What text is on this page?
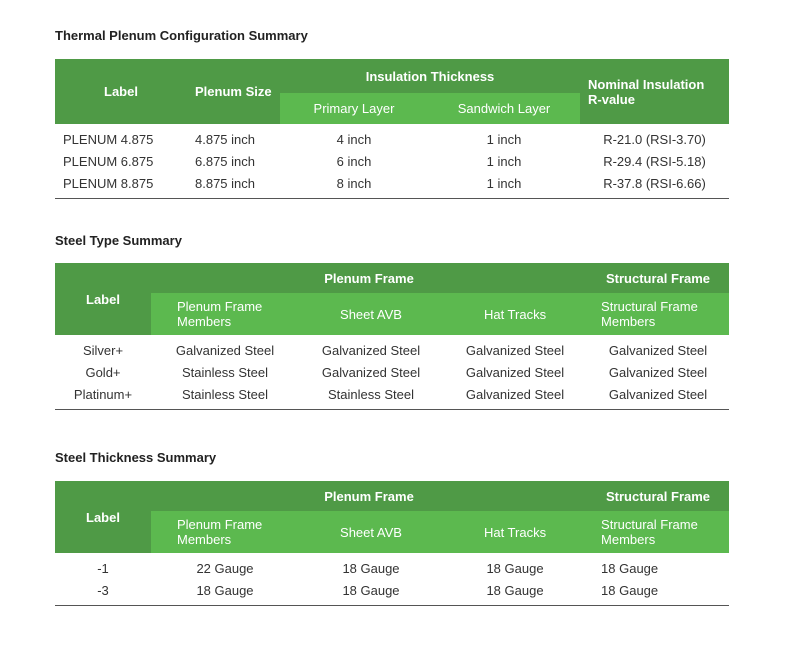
Thermal Plenum Configuration Summary
Label	Plenum Size	Insulation Thickness		Nominal Insulation R-value
		Primary Layer	Sandwich Layer	
PLENUM 4.875	4.875 inch	4 inch	1 inch	R-21.0 (RSI-3.70)
PLENUM 6.875	6.875 inch	6 inch	1 inch	R-29.4 (RSI-5.18)
PLENUM 8.875	8.875 inch	8 inch	1 inch	R-37.8 (RSI-6.66)
Steel Type Summary
Label	Plenum Frame			Structural Frame
	Plenum Frame Members	Sheet AVB	Hat Tracks	Structural Frame Members
Silver+	Galvanized Steel	Galvanized Steel	Galvanized Steel	Galvanized Steel
Gold+	Stainless Steel	Galvanized Steel	Galvanized Steel	Galvanized Steel
Platinum+	Stainless Steel	Stainless Steel	Galvanized Steel	Galvanized Steel
Steel Thickness Summary
Label	Plenum Frame			Structural Frame
	Plenum Frame Members	Sheet AVB	Hat Tracks	Structural Frame Members
-1	22 Gauge	18 Gauge	18 Gauge	18 Gauge
-3	18 Gauge	18 Gauge	18 Gauge	18 Gauge
